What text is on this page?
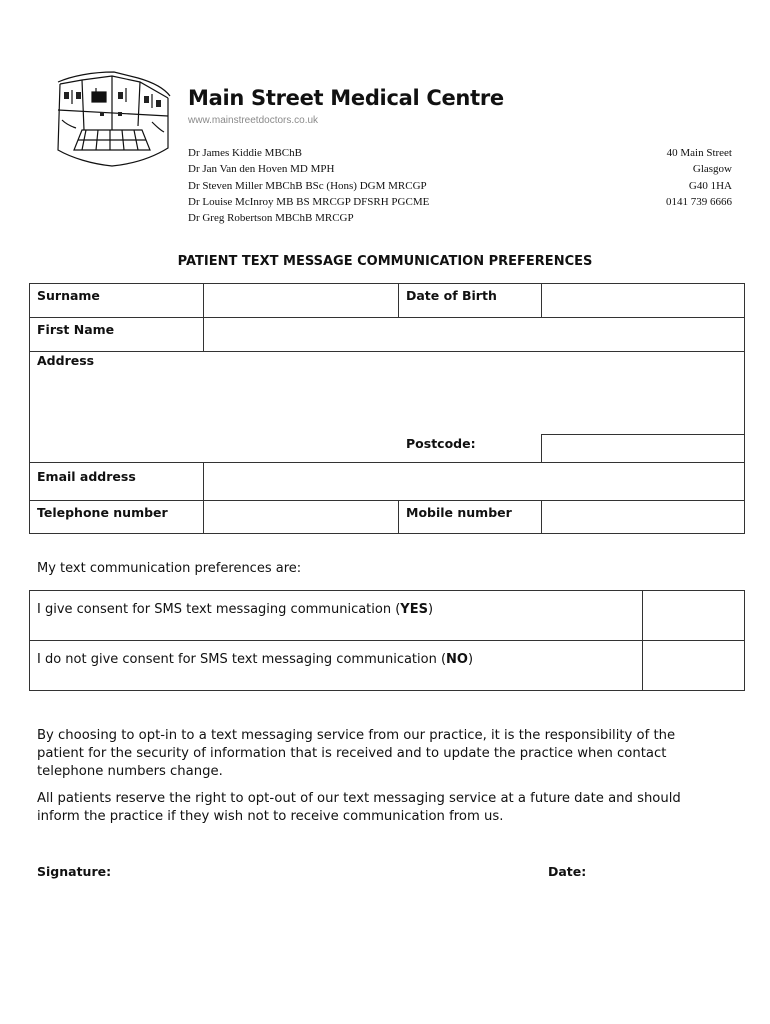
Main Street Medical Centre
www.mainstreetdoctors.co.uk
Dr James Kiddie MBChB
Dr Jan Van den Hoven MD MPH
Dr Steven Miller MBChB BSc (Hons) DGM MRCGP
Dr Louise McInroy MB BS MRCGP DFSRH PGCME
Dr Greg Robertson MBChB MRCGP
40 Main Street
Glasgow
G40 1HA
0141 739 6666
PATIENT TEXT MESSAGE COMMUNICATION PREFERENCES
Surname	Date of Birth
First Name
Address
Postcode:
Email address
Telephone number	Mobile number
My text communication preferences are:
I give consent for SMS text messaging communication (YES)
I do not give consent for SMS text messaging communication (NO)
By choosing to opt-in to a text messaging service from our practice, it is the responsibility of the patient for the security of information that is received and to update the practice when contact telephone numbers change.
All patients reserve the right to opt-out of our text messaging service at a future date and should inform the practice if they wish not to receive communication from us.
Signature:	Date:
